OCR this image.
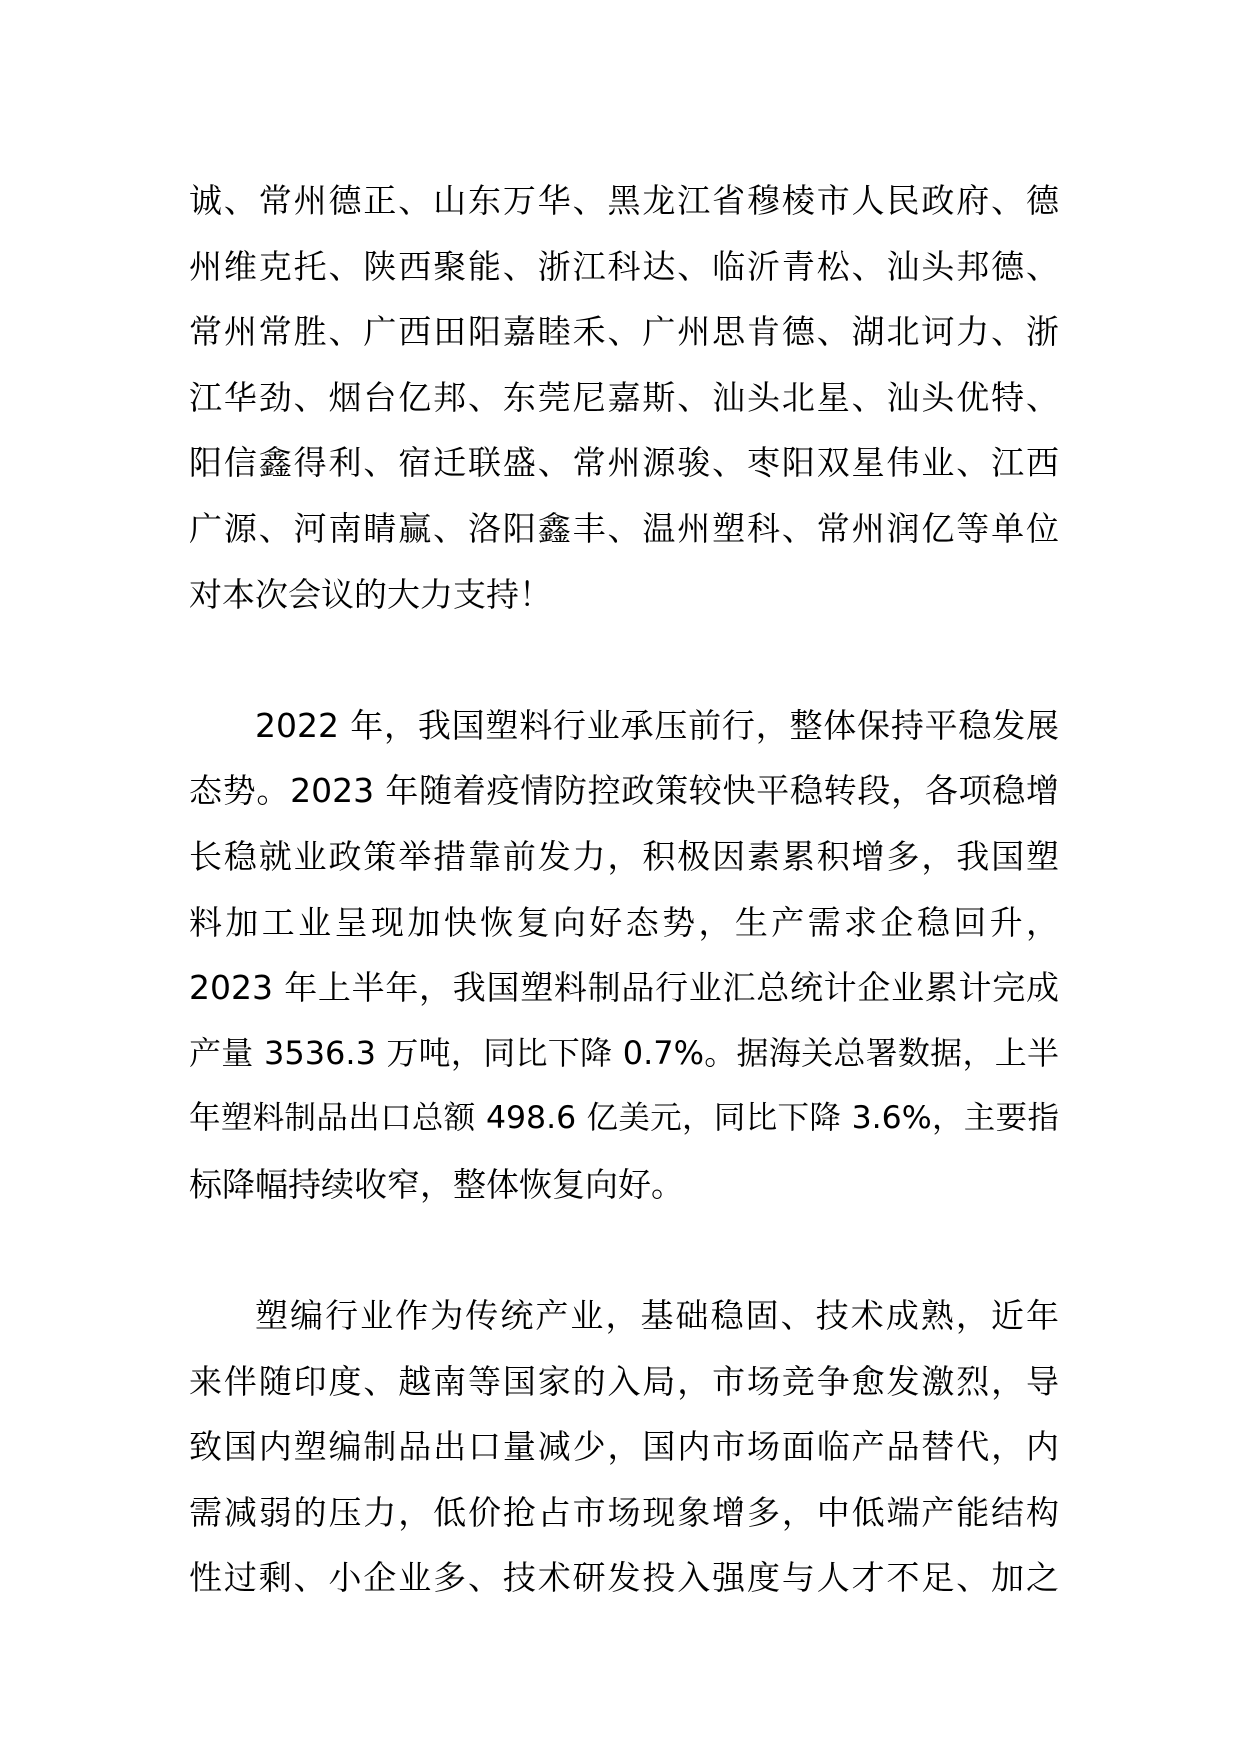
诚、常州德正、山东万华、黑龙江省穆棱市人民政府、德
州维克托、陕西聚能、浙江科达、临沂青松、汕头邦德、
常州常胜、广西田阳嘉睦禾、广州思肯德、湖北诃力、浙
江华劲、烟台亿邦、东莞尼嘉斯、汕头北星、汕头优特、
阳信鑫得利、宿迁联盛、常州源骏、枣阳双星伟业、江西
广源、河南睛赢、洛阳鑫丰、温州塑科、常州润亿等单位
对本次会议的大力支持！
2022 年，我国塑料行业承压前行，整体保持平稳发展
态势。2023 年随着疫情防控政策较快平稳转段，各项稳增
长稳就业政策举措靠前发力，积极因素累积增多，我国塑
料加工业呈现加快恢复向好态势，生产需求企稳回升，
2023 年上半年，我国塑料制品行业汇总统计企业累计完成
产量 3536.3 万吨，同比下降 0.7%。据海关总署数据，上半
年塑料制品出口总额 498.6 亿美元，同比下降 3.6%，主要指
标降幅持续收窄，整体恢复向好。
塑编行业作为传统产业，基础稳固、技术成熟，近年
来伴随印度、越南等国家的入局，市场竞争愈发激烈，导
致国内塑编制品出口量减少，国内市场面临产品替代，内
需减弱的压力，低价抢占市场现象增多，中低端产能结构
性过剩、小企业多、技术研发投入强度与人才不足、加之
